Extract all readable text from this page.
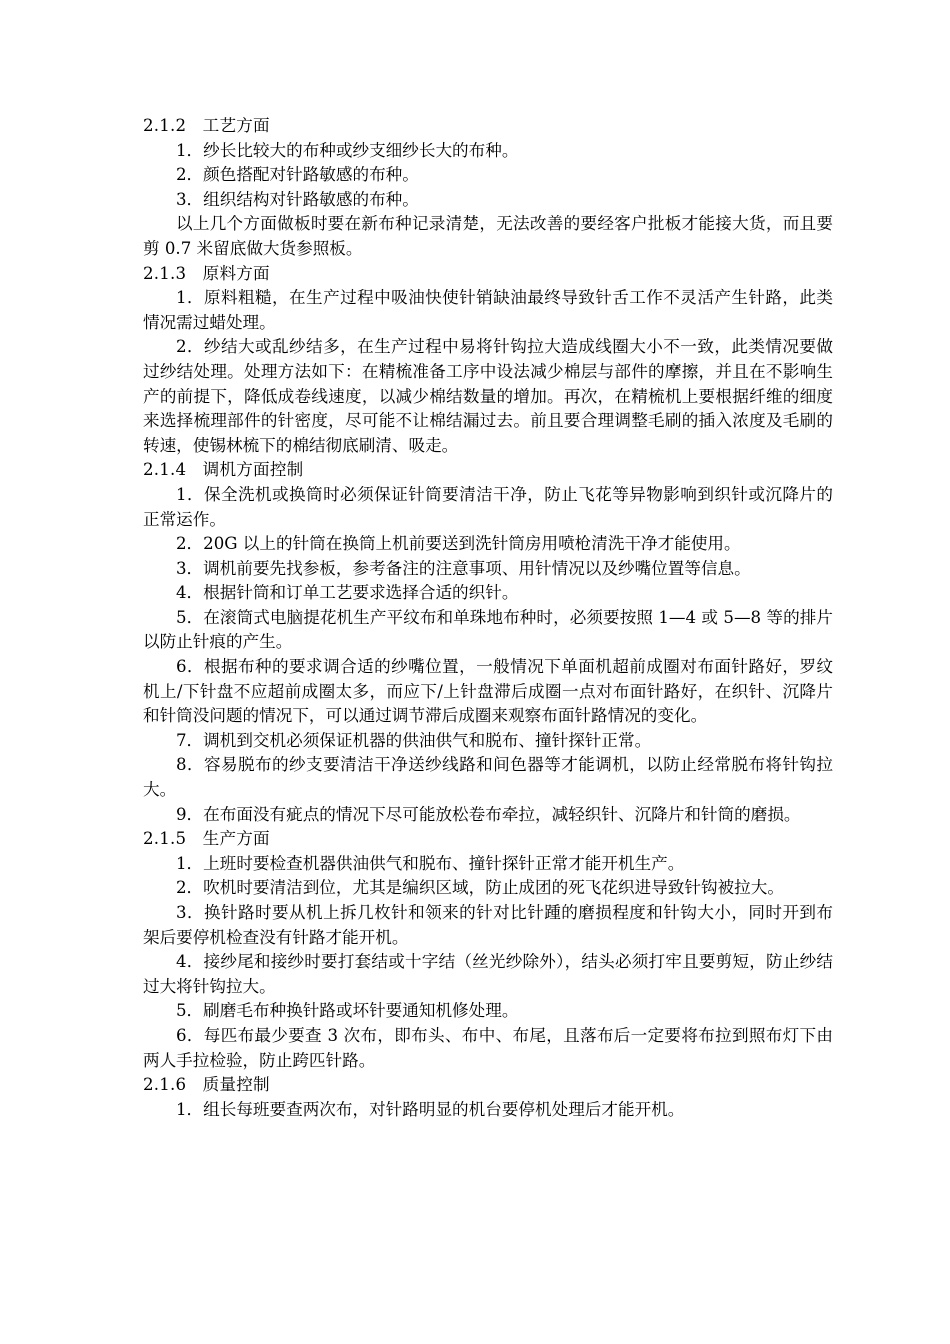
2.1.2   工艺方面

1．纱长比较大的布种或纱支细纱长大的布种。

2．颜色搭配对针路敏感的布种。

3．组织结构对针路敏感的布种。

以上几个方面做板时要在新布种记录清楚，无法改善的要经客户批板才能接大货，而且要剪 0.7 米留底做大货参照板。

2.1.3   原料方面

1．原料粗糙，在生产过程中吸油快使针销缺油最终导致针舌工作不灵活产生针路，此类情况需过蜡处理。

2．纱结大或乱纱结多，在生产过程中易将针钩拉大造成线圈大小不一致，此类情况要做过纱结处理。处理方法如下：在精梳准备工序中设法减少棉层与部件的摩擦，并且在不影响生产的前提下，降低成卷线速度，以减少棉结数量的增加。再次，在精梳机上要根据纤维的细度来选择梳理部件的针密度，尽可能不让棉结漏过去。前且要合理调整毛刷的插入浓度及毛刷的转速，使锡林梳下的棉结彻底刷清、吸走。

2.1.4   调机方面控制

1．保全洗机或换筒时必须保证针筒要清洁干净，防止飞花等异物影响到织针或沉降片的正常运作。

2．20G 以上的针筒在换筒上机前要送到洗针筒房用喷枪清洗干净才能使用。

3．调机前要先找参板，参考备注的注意事项、用针情况以及纱嘴位置等信息。

4．根据针筒和订单工艺要求选择合适的织针。

5．在滚筒式电脑提花机生产平纹布和单珠地布种时，必须要按照 1—4 或 5—8 等的排片以防止针痕的产生。

6．根据布种的要求调合适的纱嘴位置，一般情况下单面机超前成圈对布面针路好，罗纹机上/下针盘不应超前成圈太多，而应下/上针盘滞后成圈一点对布面针路好，在织针、沉降片和针筒没问题的情况下，可以通过调节滞后成圈来观察布面针路情况的变化。

7．调机到交机必须保证机器的供油供气和脱布、撞针探针正常。

8．容易脱布的纱支要清洁干净送纱线路和间色器等才能调机，以防止经常脱布将针钩拉大。

9．在布面没有疵点的情况下尽可能放松卷布牵拉，减轻织针、沉降片和针筒的磨损。

2.1.5   生产方面

1．上班时要检查机器供油供气和脱布、撞针探针正常才能开机生产。

2．吹机时要清洁到位，尤其是编织区域，防止成团的死飞花织进导致针钩被拉大。

3．换针路时要从机上拆几枚针和领来的针对比针踵的磨损程度和针钩大小，同时开到布架后要停机检查没有针路才能开机。

4．接纱尾和接纱时要打套结或十字结（丝光纱除外），结头必须打牢且要剪短，防止纱结过大将针钩拉大。

5．刷磨毛布种换针路或坏针要通知机修处理。

6．每匹布最少要查 3 次布，即布头、布中、布尾，且落布后一定要将布拉到照布灯下由两人手拉检验，防止跨匹针路。

2.1.6   质量控制

1．组长每班要查两次布，对针路明显的机台要停机处理后才能开机。
